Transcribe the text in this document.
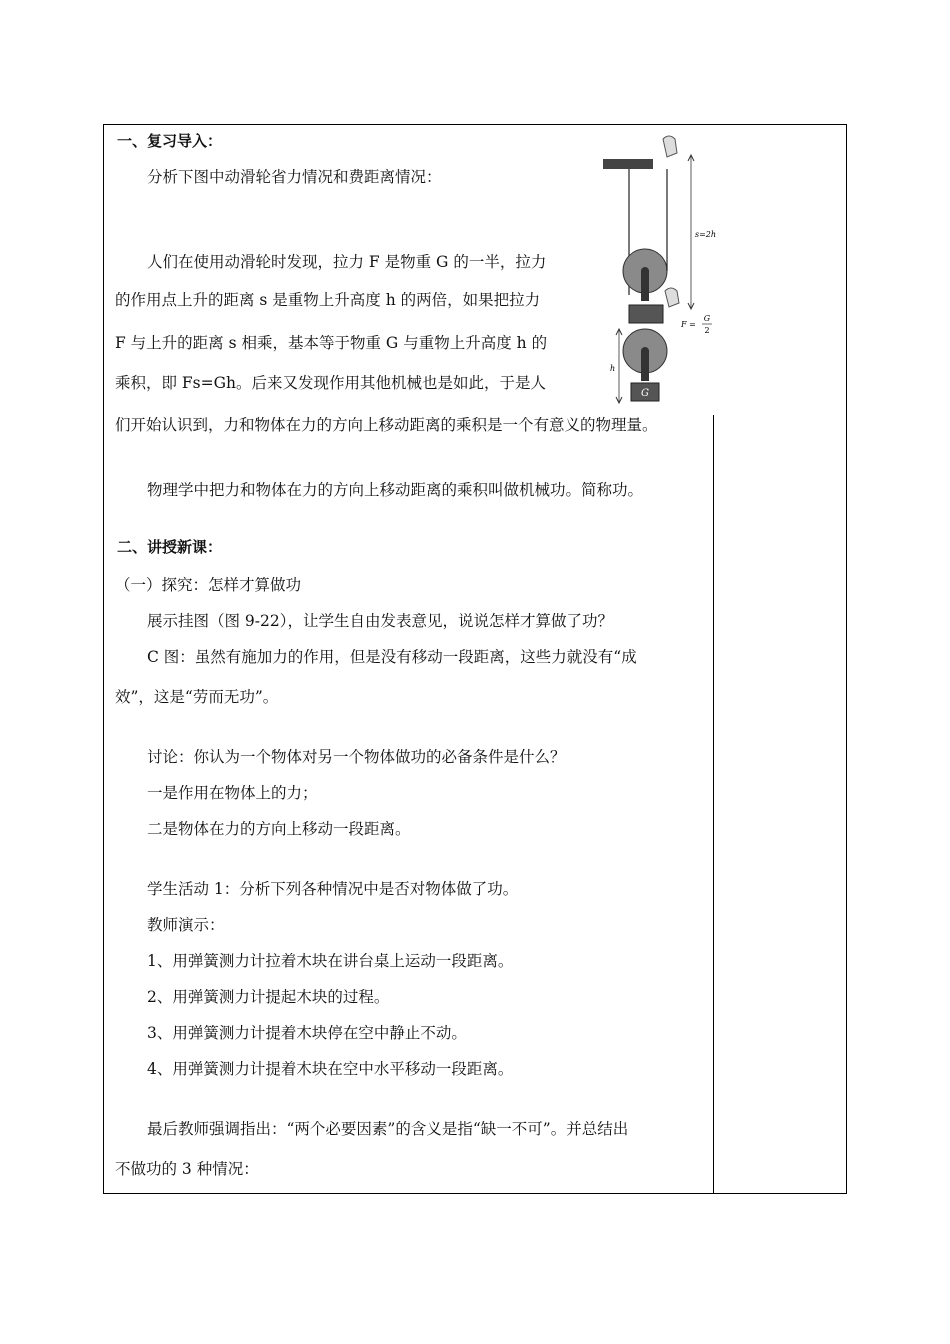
一、复习导入：
分析下图中动滑轮省力情况和费距离情况：
人们在使用动滑轮时发现，拉力 F 是物重 G 的一半，拉力
的作用点上升的距离 s 是重物上升高度 h 的两倍，如果把拉力
F 与上升的距离 s 相乘，基本等于物重 G 与重物上升高度 h 的
乘积，即 Fs=Gh。后来又发现作用其他机械也是如此，于是人
们开始认识到，力和物体在力的方向上移动距离的乘积是一个有意义的物理量。
物理学中把力和物体在力的方向上移动距离的乘积叫做机械功。简称功。
二、讲授新课：
（一）探究：怎样才算做功
展示挂图（图 9-22），让学生自由发表意见，说说怎样才算做了功？
C 图：虽然有施加力的作用，但是没有移动一段距离，这些力就没有“成
效”，这是“劳而无功”。
讨论：你认为一个物体对另一个物体做功的必备条件是什么？
一是作用在物体上的力；
二是物体在力的方向上移动一段距离。
学生活动 1：分析下列各种情况中是否对物体做了功。
教师演示：
1、用弹簧测力计拉着木块在讲台桌上运动一段距离。
2、用弹簧测力计提起木块的过程。
3、用弹簧测力计提着木块停在空中静止不动。
4、用弹簧测力计提着木块在空中水平移动一段距离。
最后教师强调指出：“两个必要因素”的含义是指“缺一不可”。并总结出
不做功的 3 种情况：
G
s=2h
F =
G
2
h
